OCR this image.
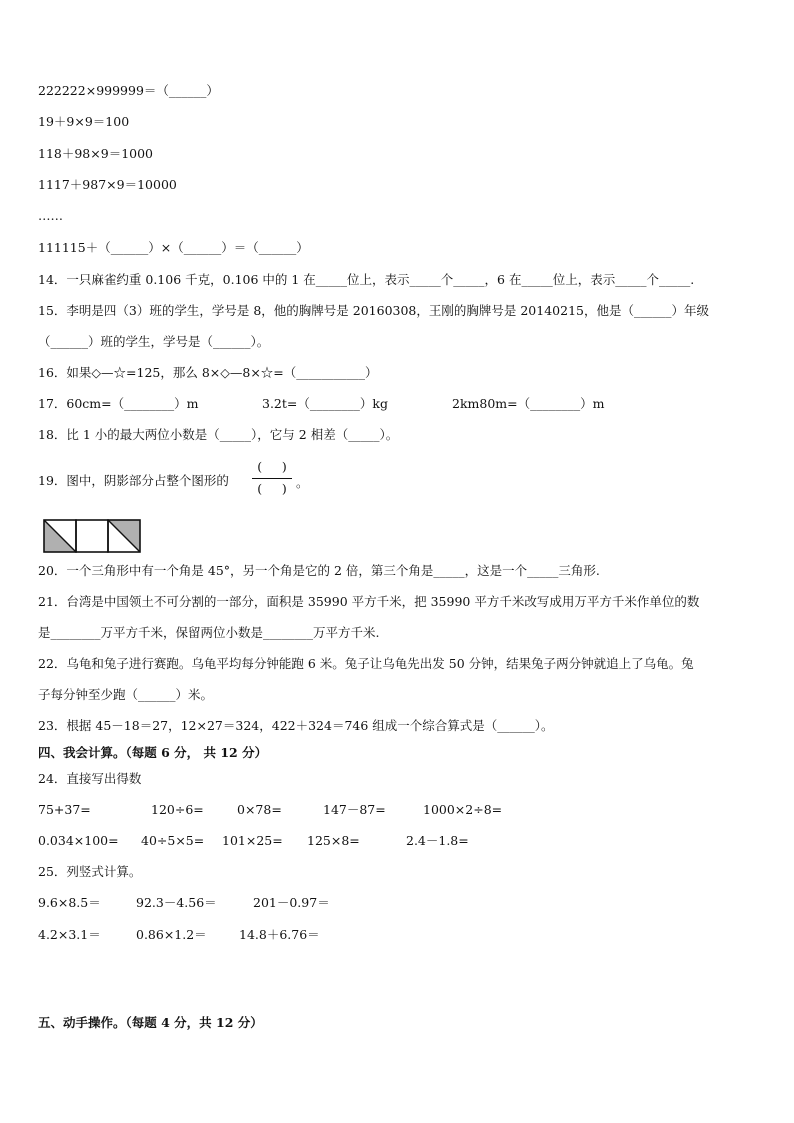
222222×999999＝（______）
19＋9×9＝100
118＋98×9＝1000
1117＋987×9＝10000
……
111115＋（______）×（______）＝（______）
14．一只麻雀约重 0.106 千克，0.106 中的 1 在_____位上，表示_____个_____，6 在_____位上，表示_____个_____.
15．李明是四（3）班的学生，学号是 8，他的胸牌号是 20160308，王刚的胸牌号是 20140215，他是（______）年级
（______）班的学生，学号是（______）。
16．如果◇—☆=125，那么 8×◇—8×☆=（___________）
17．60cm=（________）m	3.2t=（________）kg	2km80m=（________）m
18．比 1 小的最大两位小数是（_____），它与 2 相差（_____）。
19．图中，阴影部分占整个图形的
(     )
(     ) 。
20．一个三角形中有一个角是 45°，另一个角是它的 2 倍，第三个角是_____，这是一个_____三角形.
21．台湾是中国领土不可分割的一部分，面积是 35990 平方千米，把 35990 平方千米改写成用万平方千米作单位的数
是________万平方千米，保留两位小数是________万平方千米.
22．乌龟和兔子进行赛跑。乌龟平均每分钟能跑 6 米。兔子让乌龟先出发 50 分钟，结果兔子两分钟就追上了乌龟。兔
子每分钟至少跑（______）米。
23．根据 45－18＝27，12×27＝324，422＋324＝746 组成一个综合算式是（______）。
四、我会计算。（每题 6 分， 共 12 分）
24．直接写出得数
75+37=	120÷6=	0×78=	147－87=	1000×2÷8=
0.034×100= 40÷5×5= 101×25= 125×8=	2.4－1.8=
25．列竖式计算。
9.6×8.5＝	92.3－4.56＝	201－0.97＝
4.2×3.1＝	0.86×1.2＝	14.8＋6.76＝
五、动手操作。（每题 4 分，共 12 分）
